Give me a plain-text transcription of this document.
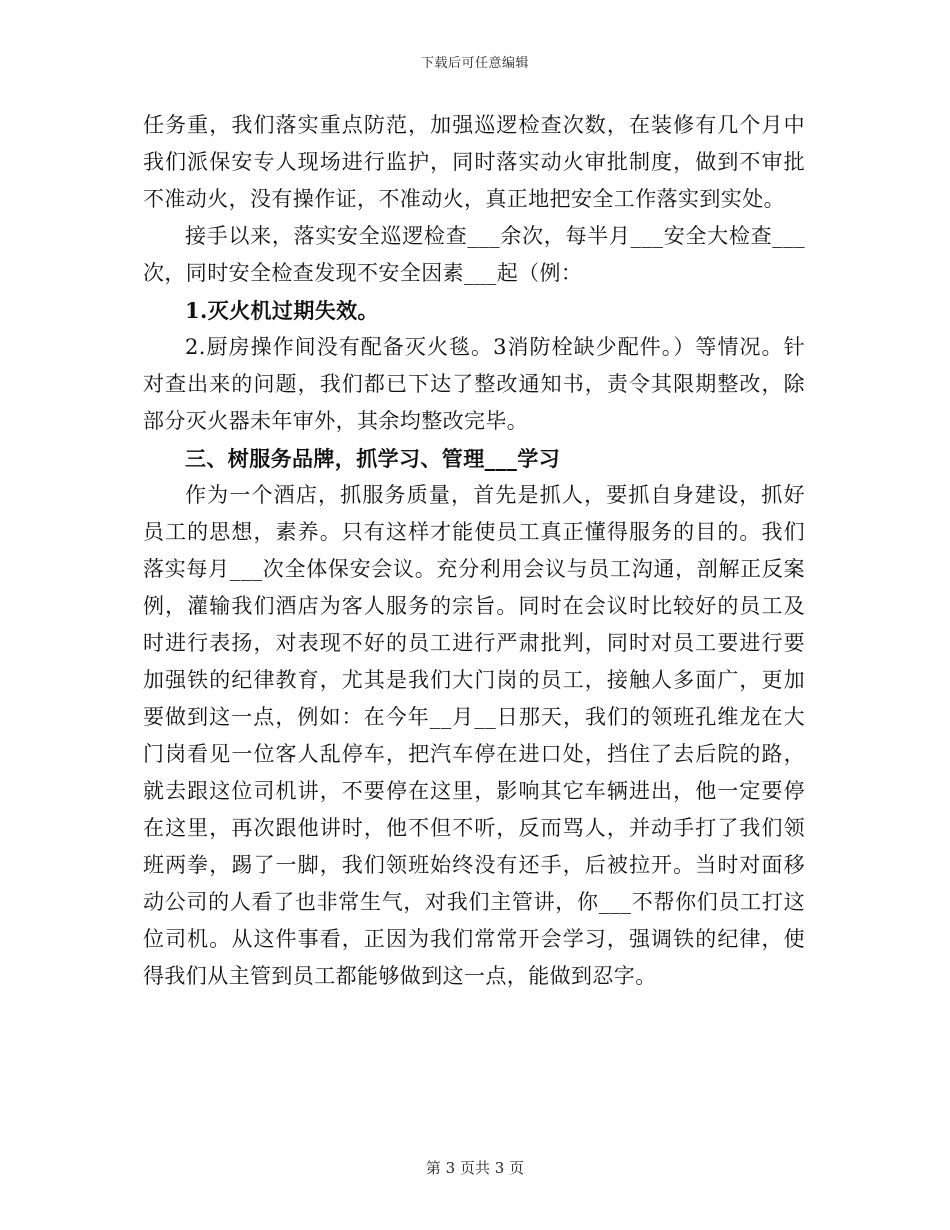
下载后可任意编辑

任务重，我们落实重点防范，加强巡逻检查次数，在装修有几个月中我们派保安专人现场进行监护，同时落实动火审批制度，做到不审批不准动火，没有操作证，不准动火，真正地把安全工作落实到实处。

接手以来，落实安全巡逻检查___余次，每半月___安全大检查___次，同时安全检查发现不安全因素___起（例：

1.灭火机过期失效。

2.厨房操作间没有配备灭火毯。3消防栓缺少配件。）等情况。针对查出来的问题，我们都已下达了整改通知书，责令其限期整改，除部分灭火器未年审外，其余均整改完毕。

三、树服务品牌，抓学习、管理___学习

作为一个酒店，抓服务质量，首先是抓人，要抓自身建设，抓好员工的思想，素养。只有这样才能使员工真正懂得服务的目的。我们落实每月___次全体保安会议。充分利用会议与员工沟通，剖解正反案例，灌输我们酒店为客人服务的宗旨。同时在会议时比较好的员工及时进行表扬，对表现不好的员工进行严肃批判，同时对员工要进行要加强铁的纪律教育，尤其是我们大门岗的员工，接触人多面广，更加要做到这一点，例如：在今年__月__日那天，我们的领班孔维龙在大门岗看见一位客人乱停车，把汽车停在进口处，挡住了去后院的路，就去跟这位司机讲，不要停在这里，影响其它车辆进出，他一定要停在这里，再次跟他讲时，他不但不听，反而骂人，并动手打了我们领班两拳，踢了一脚，我们领班始终没有还手，后被拉开。当时对面移动公司的人看了也非常生气，对我们主管讲，你___不帮你们员工打这位司机。从这件事看，正因为我们常常开会学习，强调铁的纪律，使得我们从主管到员工都能够做到这一点，能做到忍字。

第 3 页共 3 页
